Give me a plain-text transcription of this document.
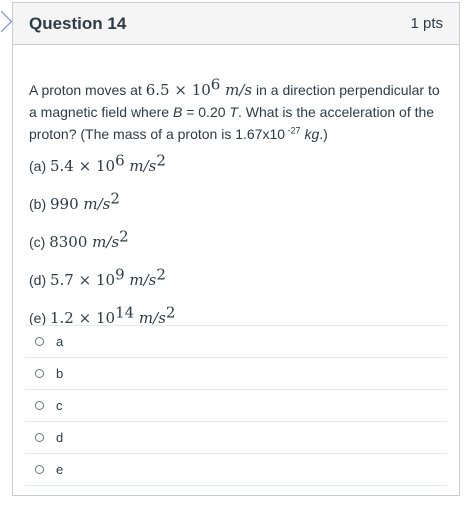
Question 14	1 pts
A proton moves at $6.5 \times 10^6$ m/s in a direction perpendicular to a magnetic field where B = 0.20 T. What is the acceleration of the proton? (The mass of a proton is 1.67x10 $^{-27}$ kg.)
(a) $5.4 \times 10^6$ $m/s^2$
(b) 990 $m/s^2$
(c) 8300 $m/s^2$
(d) $5.7 \times 10^9$ $m/s^2$
(e) $1.2 \times 10^{14}$ $m/s^2$
a
b
c
d
e
